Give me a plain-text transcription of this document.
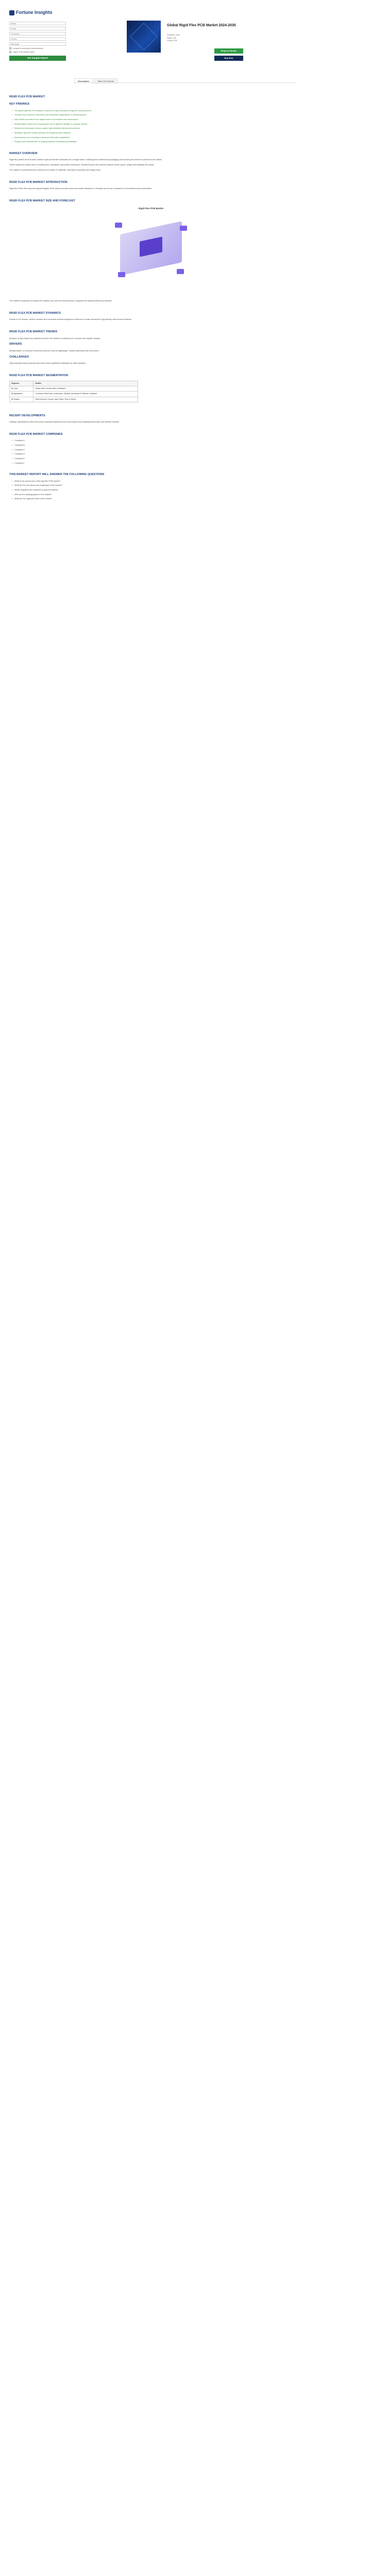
Fortune Insights
Name Email Company Phone Message
I consent to receiving communications.
I agree to the privacy policy.
Get Sample Report
Global Rigid Flex PCB Market 2024-2030
Published: 2024
Pages: 150
Format: PDF
Request Sample
Buy Now
Description	Table Of Contents
RIGID FLEX PCB MARKET
KEY FINDINGS
• The global rigid flex PCB market is expected to grow steadily through the forecast period.
• Demand from consumer electronics and automotive applications is driving adoption.
• Asia Pacific accounts for the largest share of production and consumption.
• Miniaturization trends are increasing the use of rigid flex designs in compact devices.
• Medical and aerospace sectors require high-reliability interconnect solutions.
• Multilayer rigid flex boards represent the largest product segment.
• Manufacturers are investing in advanced fabrication capabilities.
• Supply chain diversification is shaping regional manufacturing strategies.
MARKET OVERVIEW

Rigid flex printed circuit boards combine rigid and flexible substrates into a single board, enabling three-dimensional packaging and reducing the need for connectors and cables.

These boards are widely used in smartphones, wearables, automotive electronics, medical devices and defense systems where space, weight and reliability are critical.

The market is characterized by continuous innovation in materials, lamination processes and design tools.

RIGID FLEX PCB MARKET INTRODUCTION

Rigid flex PCBs offer improved signal integrity, fewer interconnection points and better resistance to vibration and shock compared to conventional board assemblies.

RIGID FLEX PCB MARKET SIZE AND FORECAST
Rigid Flex PCB Market

The market is projected to expand at a healthy rate over the forecast period, supported by rising electronics production.

RIGID FLEX PCB MARKET DYNAMICS

Growth in 5G devices, electric vehicles and connected medical equipment continues to create demand for high-density interconnect solutions.

RIGID FLEX PCB MARKET TRENDS

Adoption of high-frequency materials and finer line widths is enabling more compact and capable designs.

DRIVERS

Miniaturization of consumer electronics and the need for lightweight, reliable assemblies are key drivers.

CHALLENGES

High manufacturing complexity and cost remain significant challenges for wider adoption.

RIGID FLEX PCB MARKET SEGMENTATION
Segment	Details
By Type	Single-sided, Double-sided, Multilayer
By Application	Consumer Electronics, Automotive, Medical, Aerospace & Defense, Industrial
By Region	North America, Europe, Asia Pacific, Rest of World
RECENT DEVELOPMENTS

Leading manufacturers have announced capacity expansions and new product lines targeting automotive and medical markets.

RIGID FLEX PCB MARKET COMPANIES
• Company A
• Company B
• Company C
• Company D
• Company E
• Company F
THIS MARKET REPORT WILL ANSWER THE FOLLOWING QUESTIONS
• What is the current size of the rigid flex PCB market?
• What are the key drivers and challenges of the market?
• Which segments are expected to grow the fastest?
• Who are the leading players in the market?
• What are the regional trends in the market?
